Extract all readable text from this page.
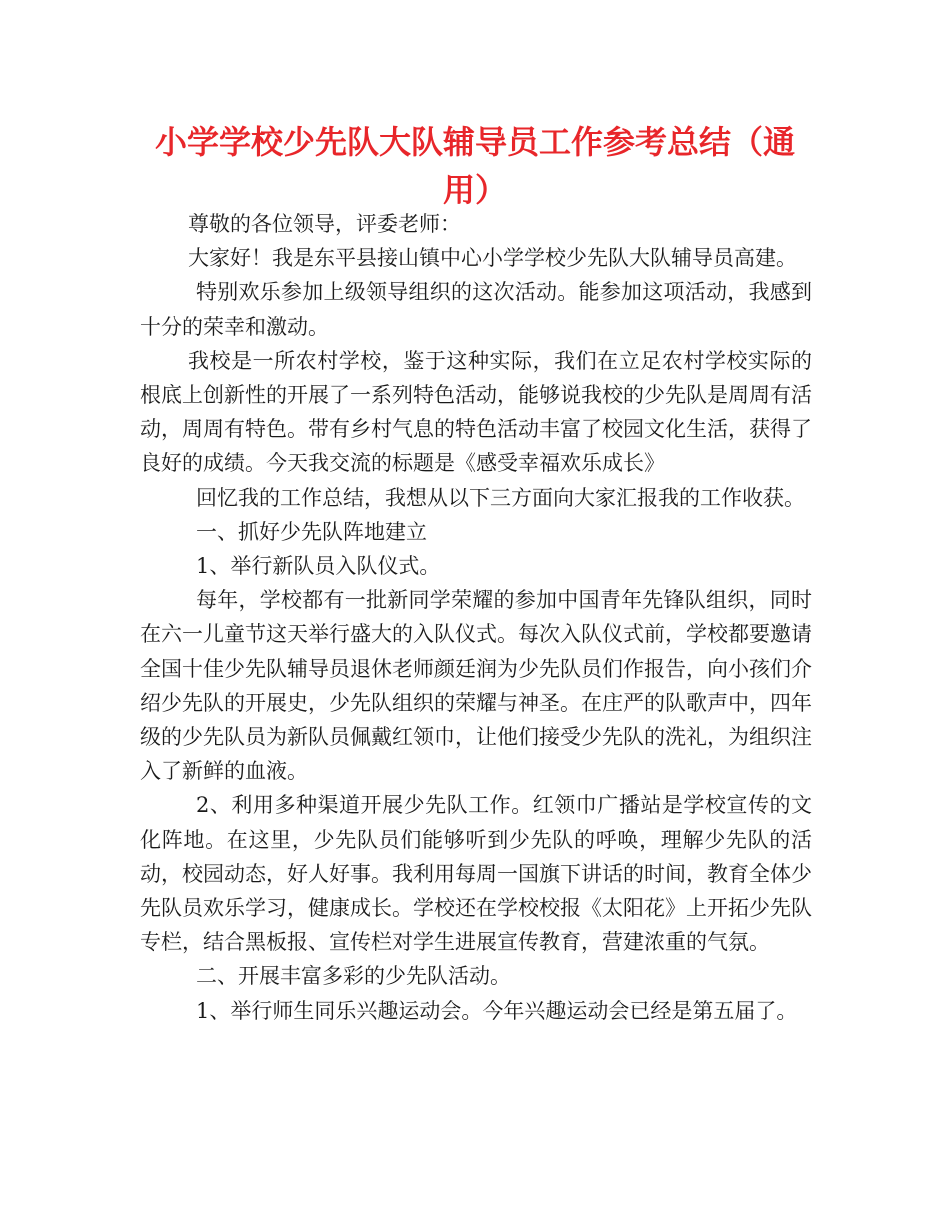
小学学校少先队大队辅导员工作参考总结（通用）

尊敬的各位领导，评委老师：

大家好！我是东平县接山镇中心小学学校少先队大队辅导员高建。

特别欢乐参加上级领导组织的这次活动。能参加这项活动，我感到十分的荣幸和激动。

我校是一所农村学校，鉴于这种实际，我们在立足农村学校实际的根底上创新性的开展了一系列特色活动，能够说我校的少先队是周周有活动，周周有特色。带有乡村气息的特色活动丰富了校园文化生活，获得了良好的成绩。今天我交流的标题是《感受幸福欢乐成长》

回忆我的工作总结，我想从以下三方面向大家汇报我的工作收获。

一、抓好少先队阵地建立

1、举行新队员入队仪式。

每年，学校都有一批新同学荣耀的参加中国青年先锋队组织，同时在六一儿童节这天举行盛大的入队仪式。每次入队仪式前，学校都要邀请全国十佳少先队辅导员退休老师颜廷润为少先队员们作报告，向小孩们介绍少先队的开展史，少先队组织的荣耀与神圣。在庄严的队歌声中，四年级的少先队员为新队员佩戴红领巾，让他们接受少先队的洗礼，为组织注入了新鲜的血液。

2、利用多种渠道开展少先队工作。红领巾广播站是学校宣传的文化阵地。在这里，少先队员们能够听到少先队的呼唤，理解少先队的活动，校园动态，好人好事。我利用每周一国旗下讲话的时间，教育全体少先队员欢乐学习，健康成长。学校还在学校校报《太阳花》上开拓少先队专栏，结合黑板报、宣传栏对学生进展宣传教育，营建浓重的气氛。

二、开展丰富多彩的少先队活动。

1、举行师生同乐兴趣运动会。今年兴趣运动会已经是第五届了。
